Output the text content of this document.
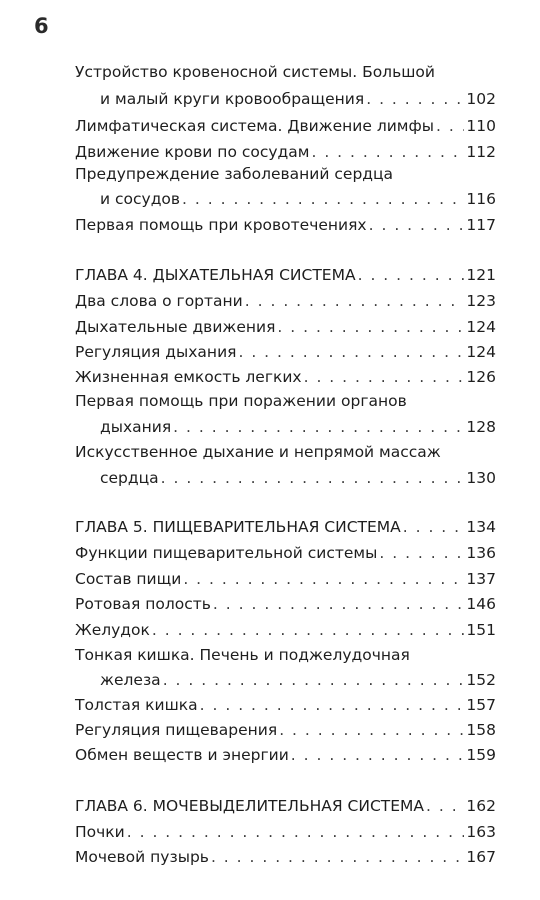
6
Устройство кровеносной системы. Большой
и малый круги кровообращения . . .	102
Лимфатическая система. Движение лимфы . . . 110
Движение крови по сосудам . . .	112
Предупреждение заболеваний сердца
и сосудов . . .	116
Первая помощь при кровотечениях . . .	117
ГЛАВА 4. ДЫХАТЕЛЬНАЯ СИСТЕМА . . .	121
Два слова о гортани . . .	123
Дыхательные движения . . .	124
Регуляция дыхания . . .	124
Жизненная емкость легких . . .	126
Первая помощь при поражении органов
дыхания . . .	128
Искусственное дыхание и непрямой массаж
сердца . . .	130
ГЛАВА 5. ПИЩЕВАРИТЕЛЬНАЯ СИСТЕМА . . .	134
Функции пищеварительной системы . . .	136
Состав пищи . . .	137
Ротовая полость . . .	146
Желудок . . .	151
Тонкая кишка. Печень и поджелудочная
железа . . .	152
Толстая кишка . . .	157
Регуляция пищеварения . . .	158
Обмен веществ и энергии . . .	159
ГЛАВА 6. МОЧЕВЫДЕЛИТЕЛЬНАЯ СИСТЕМА . . .	162
Почки . . .	163
Мочевой пузырь . . .	167
